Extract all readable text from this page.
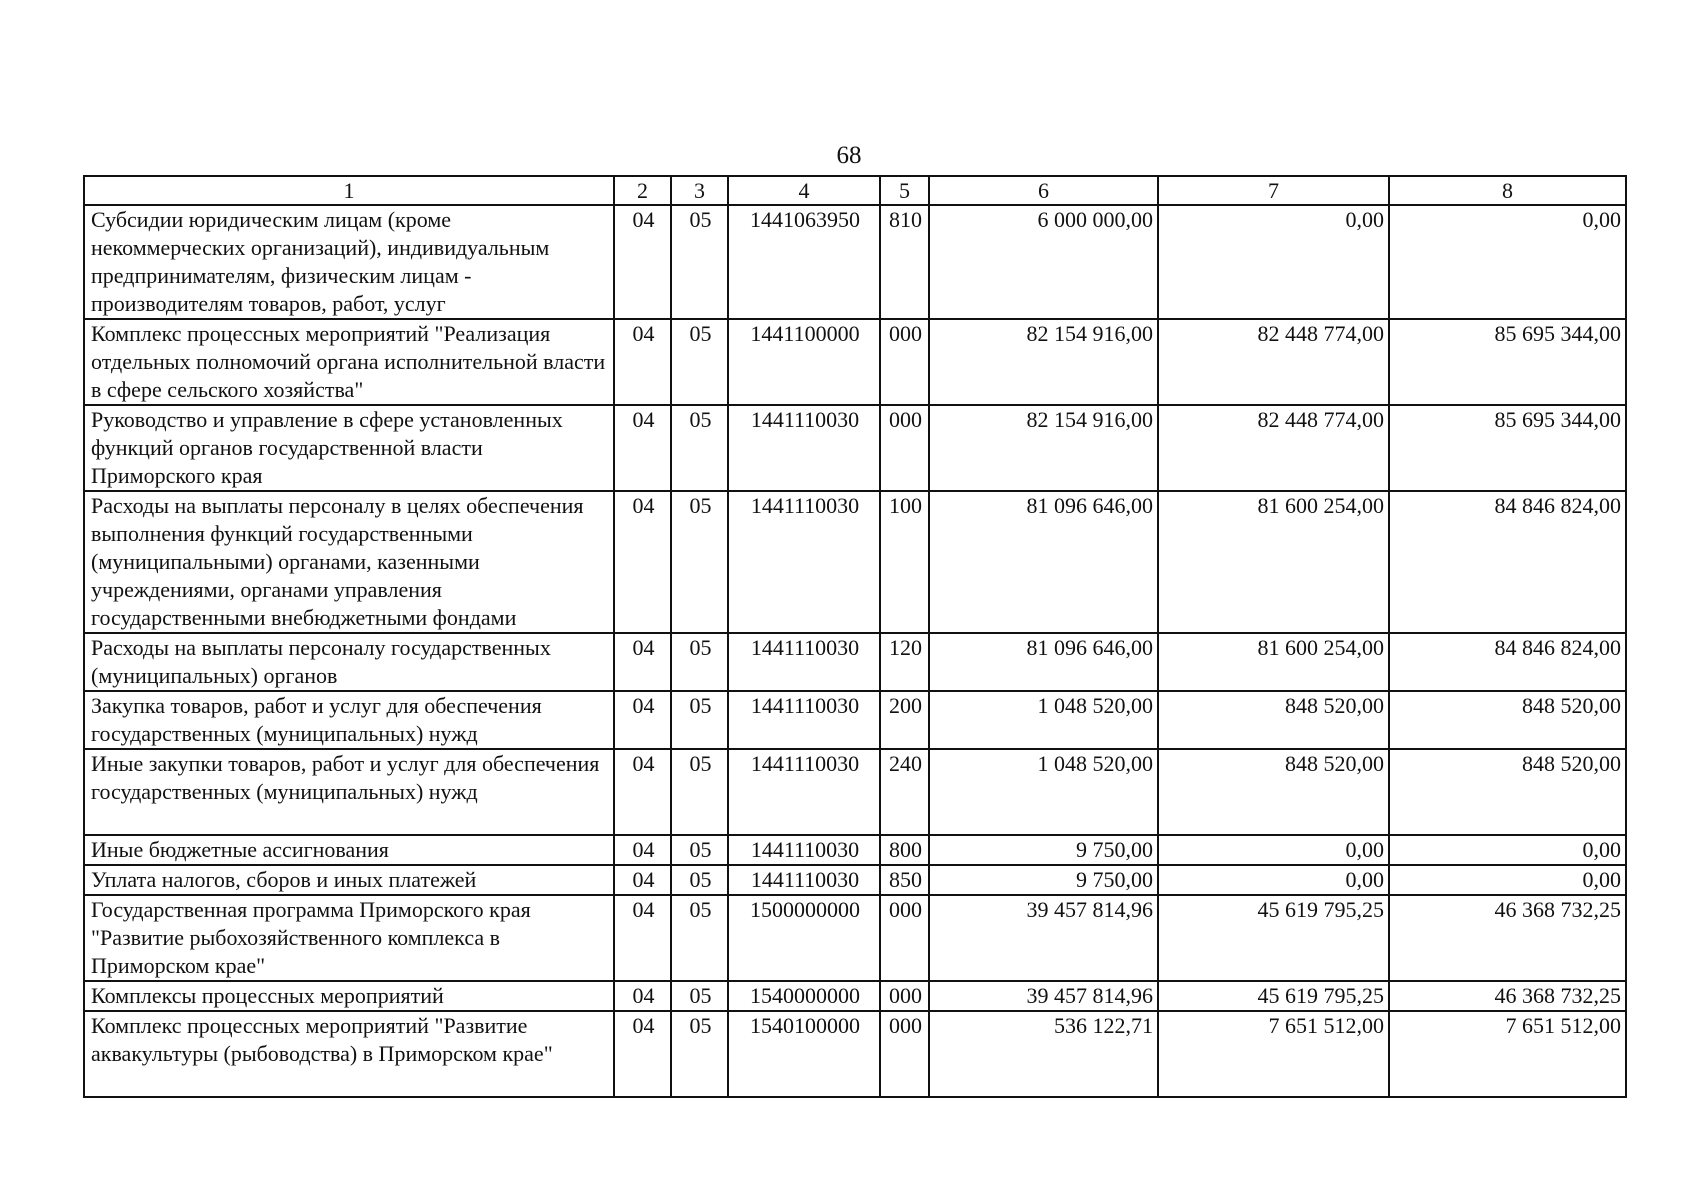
68
1	2	3	4	5	6	7	8
Субсидии юридическим лицам (кроме некоммерческих организаций), индивидуальным предпринимателям, физическим лицам - производителям товаров, работ, услуг	04	05	1441063950	810	6 000 000,00	0,00	0,00
Комплекс процессных мероприятий "Реализация отдельных полномочий органа исполнительной власти в сфере сельского хозяйства"	04	05	1441100000	000	82 154 916,00	82 448 774,00	85 695 344,00
Руководство и управление в сфере установленных функций органов государственной власти Приморского края	04	05	1441110030	000	82 154 916,00	82 448 774,00	85 695 344,00
Расходы на выплаты персоналу в целях обеспечения выполнения функций государственными (муниципальными) органами, казенными учреждениями, органами управления государственными внебюджетными фондами	04	05	1441110030	100	81 096 646,00	81 600 254,00	84 846 824,00
Расходы на выплаты персоналу государственных (муниципальных) органов	04	05	1441110030	120	81 096 646,00	81 600 254,00	84 846 824,00
Закупка товаров, работ и услуг для обеспечения государственных (муниципальных) нужд	04	05	1441110030	200	1 048 520,00	848 520,00	848 520,00
Иные закупки товаров, работ и услуг для обеспечения государственных (муниципальных) нужд	04	05	1441110030	240	1 048 520,00	848 520,00	848 520,00
Иные бюджетные ассигнования	04	05	1441110030	800	9 750,00	0,00	0,00
Уплата налогов, сборов и иных платежей	04	05	1441110030	850	9 750,00	0,00	0,00
Государственная программа Приморского края "Развитие рыбохозяйственного комплекса в Приморском крае"	04	05	1500000000	000	39 457 814,96	45 619 795,25	46 368 732,25
Комплексы процессных мероприятий	04	05	1540000000	000	39 457 814,96	45 619 795,25	46 368 732,25
Комплекс процессных мероприятий "Развитие аквакультуры (рыбоводства) в Приморском крае"	04	05	1540100000	000	536 122,71	7 651 512,00	7 651 512,00
